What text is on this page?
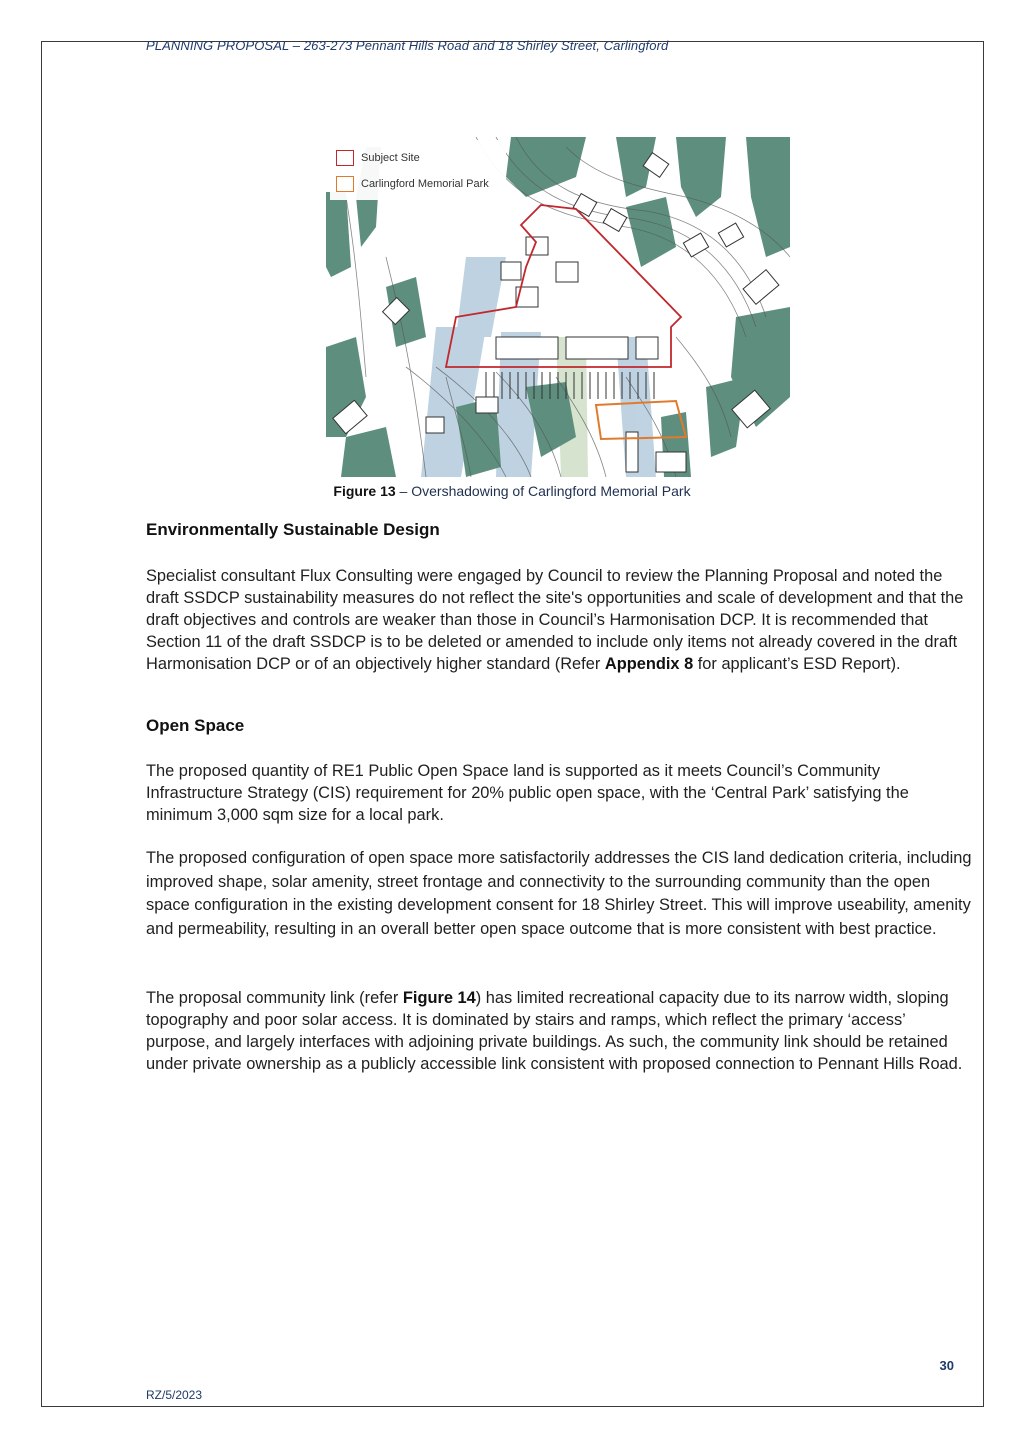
PLANNING PROPOSAL – 263-273 Pennant Hills Road and 18 Shirley Street, Carlingford
Subject Site
Carlingford Memorial Park
Figure 13 – Overshadowing of Carlingford Memorial Park
Environmentally Sustainable Design
Specialist consultant Flux Consulting were engaged by Council to review the Planning Proposal and noted the draft SSDCP sustainability measures do not reflect the site's opportunities and scale of development and that the draft objectives and controls are weaker than those in Council’s Harmonisation DCP. It is recommended that Section 11 of the draft SSDCP is to be deleted or amended to include only items not already covered in the draft Harmonisation DCP or of an objectively higher standard (Refer Appendix 8 for applicant’s ESD Report).
Open Space
The proposed quantity of RE1 Public Open Space land is supported as it meets Council’s Community Infrastructure Strategy (CIS) requirement for 20% public open space, with the ‘Central Park’ satisfying the minimum 3,000 sqm size for a local park.
The proposed configuration of open space more satisfactorily addresses the CIS land dedication criteria, including improved shape, solar amenity, street frontage and connectivity to the surrounding community than the open space configuration in the existing development consent for 18 Shirley Street. This will improve useability, amenity and permeability, resulting in an overall better open space outcome that is more consistent with best practice.
The proposal community link (refer Figure 14) has limited recreational capacity due to its narrow width, sloping topography and poor solar access. It is dominated by stairs and ramps, which reflect the primary ‘access’ purpose, and largely interfaces with adjoining private buildings. As such, the community link should be retained under private ownership as a publicly accessible link consistent with proposed connection to Pennant Hills Road.
30
RZ/5/2023
